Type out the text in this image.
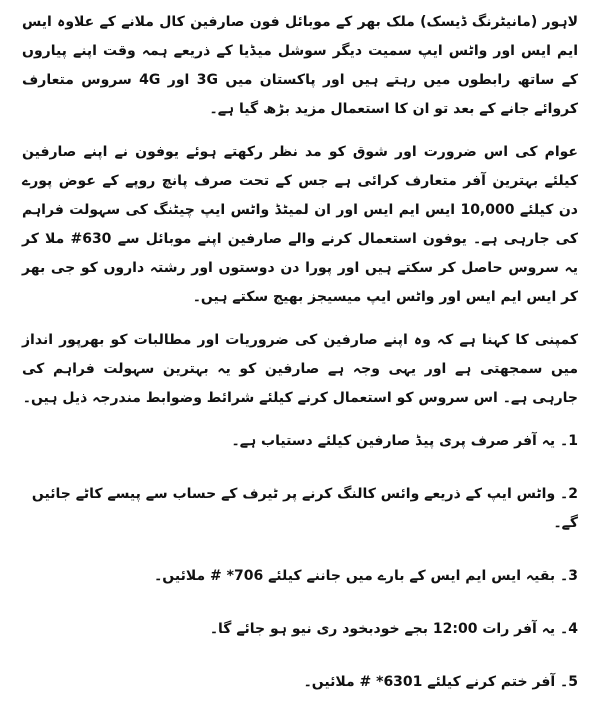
لاہور (مانیٹرنگ ڈیسک) ملک بھر کے موبائل فون صارفین کال ملانے کے علاوہ ایس ایم ایس اور واٹس ایپ سمیت دیگر سوشل میڈیا کے ذریعے ہمہ وقت اپنے پیاروں کے ساتھ رابطوں میں رہتے ہیں اور پاکستان میں 3G اور 4G سروس متعارف کروائے جانے کے بعد تو ان کا استعمال مزید بڑھ گیا ہے۔

عوام کی اس ضرورت اور شوق کو مد نظر رکھتے ہوئے یوفون نے اپنے صارفین کیلئے بہترین آفر متعارف کرائی ہے جس کے تحت صرف پانچ روپے کے عوض پورے دن کیلئے 10,000 ایس ایم ایس اور ان لمیٹڈ واٹس ایپ چیٹنگ کی سہولت فراہم کی جارہی ہے۔ یوفون استعمال کرنے والے صارفین اپنے موبائل سے 630# ملا کر یہ سروس حاصل کر سکتے ہیں اور پورا دن دوستوں اور رشتہ داروں کو جی بھر کر ایس ایم ایس اور واٹس ایپ میسیجز بھیج سکتے ہیں۔

کمپنی کا کہنا ہے کہ وہ اپنے صارفین کی ضروریات اور مطالبات کو بھرپور انداز میں سمجھتی ہے اور یہی وجہ ہے صارفین کو یہ بہترین سہولت فراہم کی جارہی ہے۔ اس سروس کو استعمال کرنے کیلئے شرائط وضوابط مندرجہ ذیل ہیں۔

1۔ یہ آفر صرف پری پیڈ صارفین کیلئے دستیاب ہے۔

2۔ واٹس ایپ کے ذریعے وائس کالنگ کرنے پر ٹیرف کے حساب سے پیسے کاٹے جائیں گے۔

3۔ بقیہ ایس ایم ایس کے بارے میں جاننے کیلئے 706* # ملائیں۔

4۔ یہ آفر رات 12:00 بجے خودبخود ری نیو ہو جائے گا۔

5۔ آفر ختم کرنے کیلئے 6301* # ملائیں۔
